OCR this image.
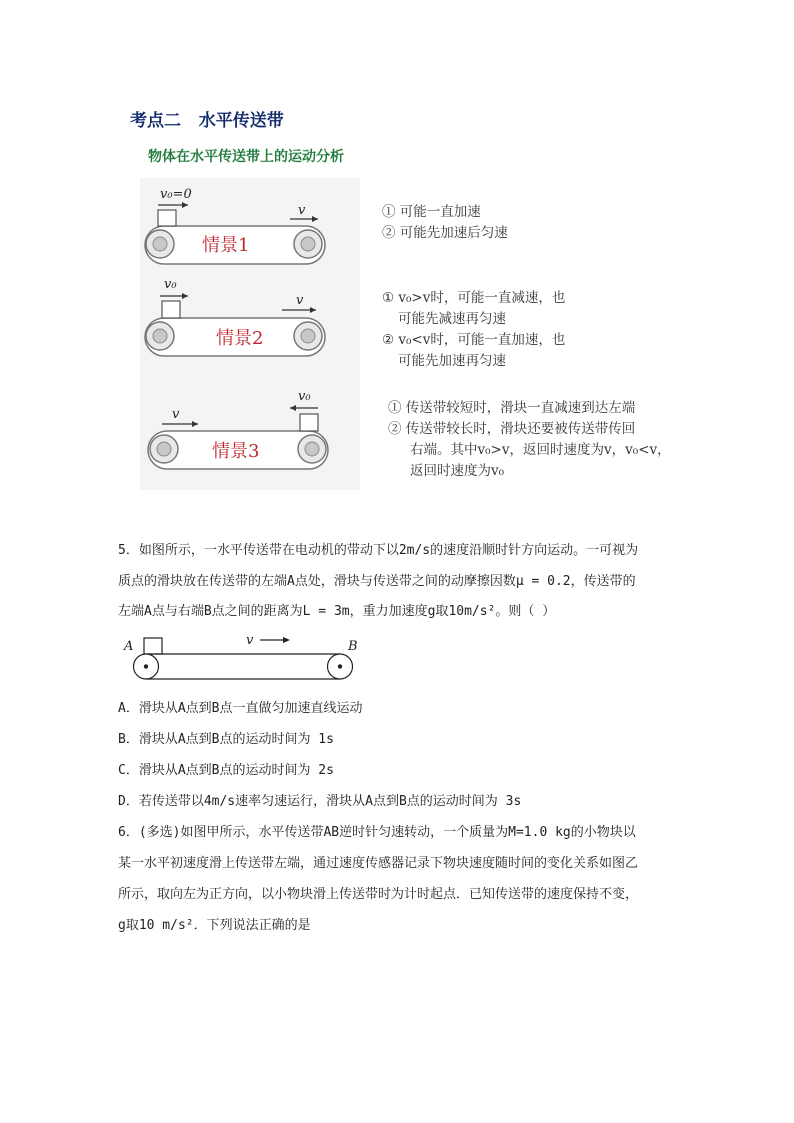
考点二   水平传送带
物体在水平传送带上的运动分析
v₀=0
v
情景1
v₀
v
情景2
v₀
v
情景3
① 可能一直加速
② 可能先加速后匀速
① v₀>v时，可能一直减速，也
可能先减速再匀速
② v₀<v时，可能一直加速，也
可能先加速再匀速
① 传送带较短时，滑块一直减速到达左端
② 传送带较长时，滑块还要被传送带传回
右端。其中v₀>v，返回时速度为v，v₀<v，
返回时速度为v₀
5．如图所示，一水平传送带在电动机的带动下以2m/s的速度沿顺时针方向运动。一可视为
质点的滑块放在传送带的左端A点处，滑块与传送带之间的动摩擦因数μ = 0.2，传送带的
左端A点与右端B点之间的距离为L = 3m，重力加速度g取10m/s²。则（ ）
A	B
v
A．滑块从A点到B点一直做匀加速直线运动
B．滑块从A点到B点的运动时间为 1s
C．滑块从A点到B点的运动时间为 2s
D．若传送带以4m/s速率匀速运行，滑块从A点到B点的运动时间为 3s
6．(多选)如图甲所示，水平传送带AB逆时针匀速转动，一个质量为M=1.0 kg的小物块以
某一水平初速度滑上传送带左端，通过速度传感器记录下物块速度随时间的变化关系如图乙
所示，取向左为正方向，以小物块滑上传送带时为计时起点．已知传送带的速度保持不变，
g取10 m/s²．下列说法正确的是
